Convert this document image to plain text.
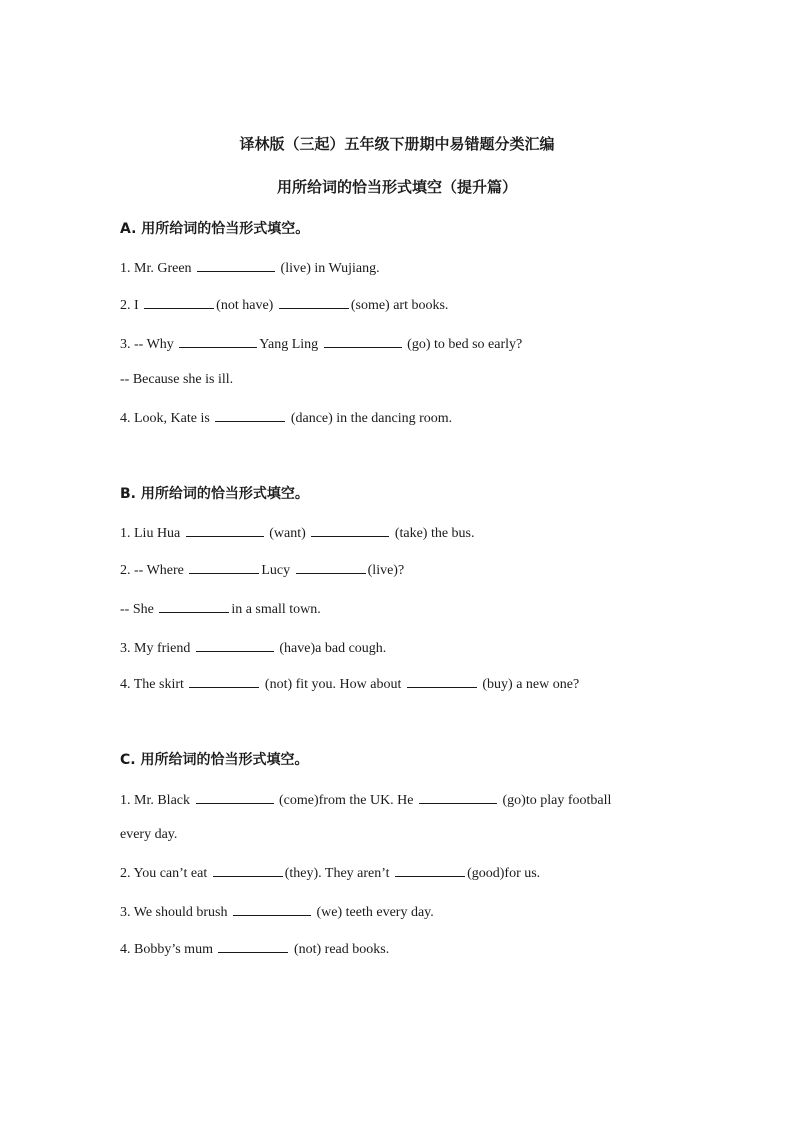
译林版（三起）五年级下册期中易错题分类汇编
用所给词的恰当形式填空（提升篇）
A. 用所给词的恰当形式填空。
1. Mr. Green	(live) in Wujiang.
2. I	(not have)	(some) art books.
3. -- Why	Yang Ling	(go) to bed so early?
-- Because she is ill.
4. Look, Kate is	(dance) in the dancing room.
B. 用所给词的恰当形式填空。
1. Liu Hua	(want)	(take) the bus.
2. -- Where	Lucy	(live)?
-- She	in a small town.
3. My friend	(have)a bad cough.
4. The skirt	(not) fit you. How about	(buy) a new one?
C. 用所给词的恰当形式填空。
1. Mr. Black	(come)from the UK. He	(go)to play football
every day.
2. You can’t eat	(they). They aren’t	(good)for us.
3. We should brush	(we) teeth every day.
4. Bobby’s mum	(not) read books.
